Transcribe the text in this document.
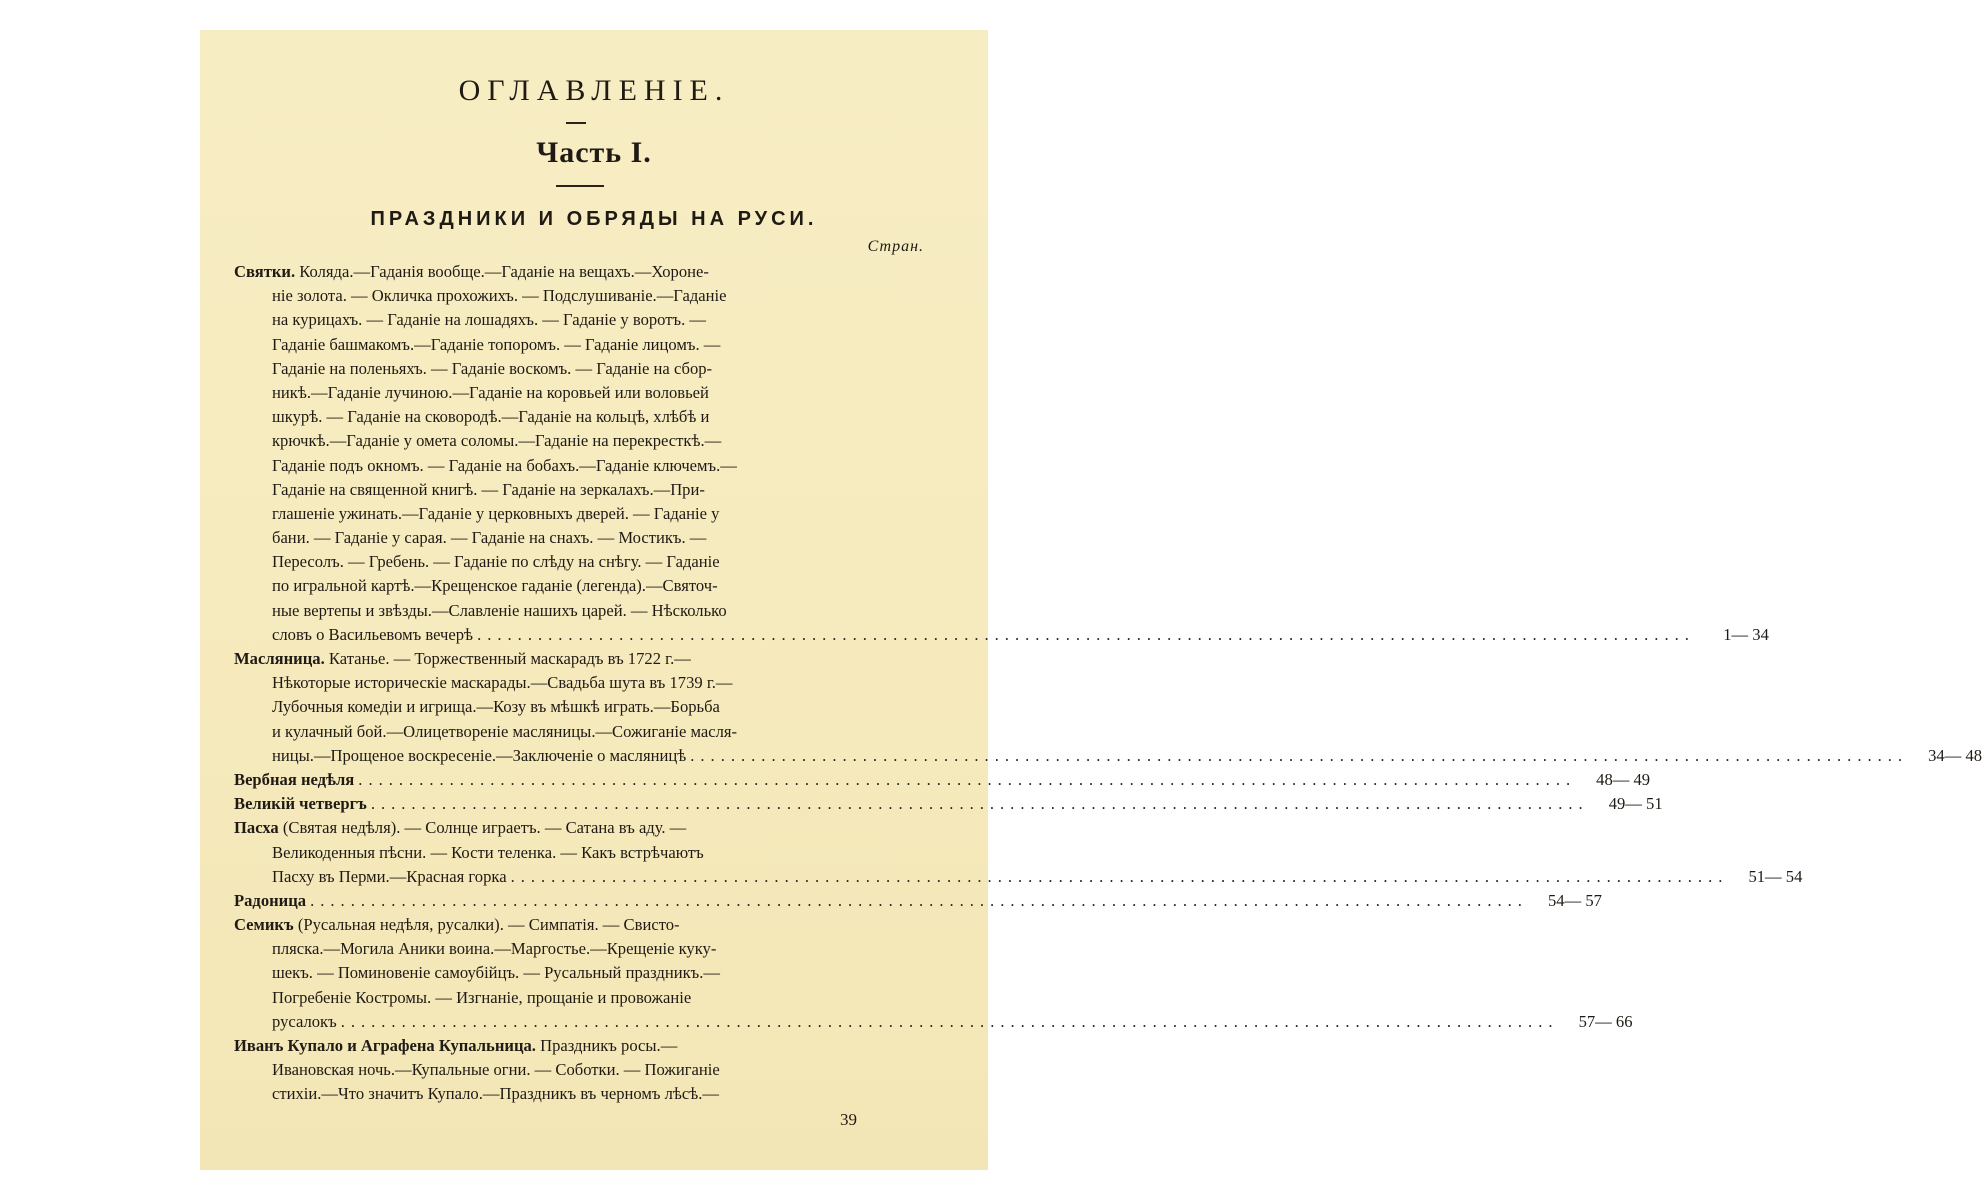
ОГЛАВЛЕНІЕ.
Часть I.
ПРАЗДНИКИ И ОБРЯДЫ НА РУСИ.
Стран.
Святки. Коляда.—Гаданія вообще.—Гаданіе на вещахъ.—Хороне-
ніе золота. — Окличка прохожихъ. — Подслушиваніе.—Гаданіе
на курицахъ. — Гаданіе на лошадяхъ. — Гаданіе у воротъ. —
Гаданіе башмакомъ.—Гаданіе топоромъ. — Гаданіе лицомъ. —
Гаданіе на поленьяхъ. — Гаданіе воскомъ. — Гаданіе на сбор-
никѣ.—Гаданіе лучиною.—Гаданіе на коровьей или воловьей
шкурѣ. — Гаданіе на сковородѣ.—Гаданіе на кольцѣ, хлѣбѣ и
крючкѣ.—Гаданіе у омета соломы.—Гаданіе на перекресткѣ.—
Гаданіе подъ окномъ. — Гаданіе на бобахъ.—Гаданіе ключемъ.—
Гаданіе на священной книгѣ. — Гаданіе на зеркалахъ.—При-
глашеніе ужинать.—Гаданіе у церковныхъ дверей. — Гаданіе у
бани. — Гаданіе у сарая. — Гаданіе на снахъ. — Мостикъ. —
Пересолъ. — Гребень. — Гаданіе по слѣду на снѣгу. — Гаданіе
по игральной картѣ.—Крещенское гаданіе (легенда).—Святоч-
ные вертепы и звѣзды.—Славленіе нашихъ царей. — Нѣсколько
словъ о Васильевомъ вечерѣ ........................................................................................................................	1— 34
Масляница. Катанье. — Торжественный маскарадъ въ 1722 г.—
Нѣкоторые историческіе маскарады.—Свадьба шута въ 1739 г.—
Лубочныя комедіи и игрища.—Козу въ мѣшкѣ играть.—Борьба
и кулачный бой.—Олицетвореніе масляницы.—Сожиганіе масля-
ницы.—Прощеное воскресеніе.—Заключеніе о масляницѣ ........................................................................................................................	34— 48
Вербная недѣля ........................................................................................................................	48— 49
Великій четвергъ ........................................................................................................................	49— 51
Пасха (Святая недѣля). — Солнце играетъ. — Сатана въ аду. —
Великоденныя пѣсни. — Кости теленка. — Какъ встрѣчаютъ
Пасху въ Перми.—Красная горка ........................................................................................................................	51— 54
Радоница ........................................................................................................................	54— 57
Семикъ (Русальная недѣля, русалки). — Симпатія. — Свисто-
пляска.—Могила Аники воина.—Маргостье.—Крещеніе куку-
шекъ. — Поминовеніе самоубійцъ. — Русальный праздникъ.—
Погребеніе Костромы. — Изгнаніе, прощаніе и провожаніе
русалокъ ........................................................................................................................	57— 66
Иванъ Купало и Аграфена Купальница. Праздникъ росы.—
Ивановская ночь.—Купальные огни. — Соботки. — Пожиганіе
стихіи.—Что значитъ Купало.—Праздникъ въ черномъ лѣсѣ.—
39
